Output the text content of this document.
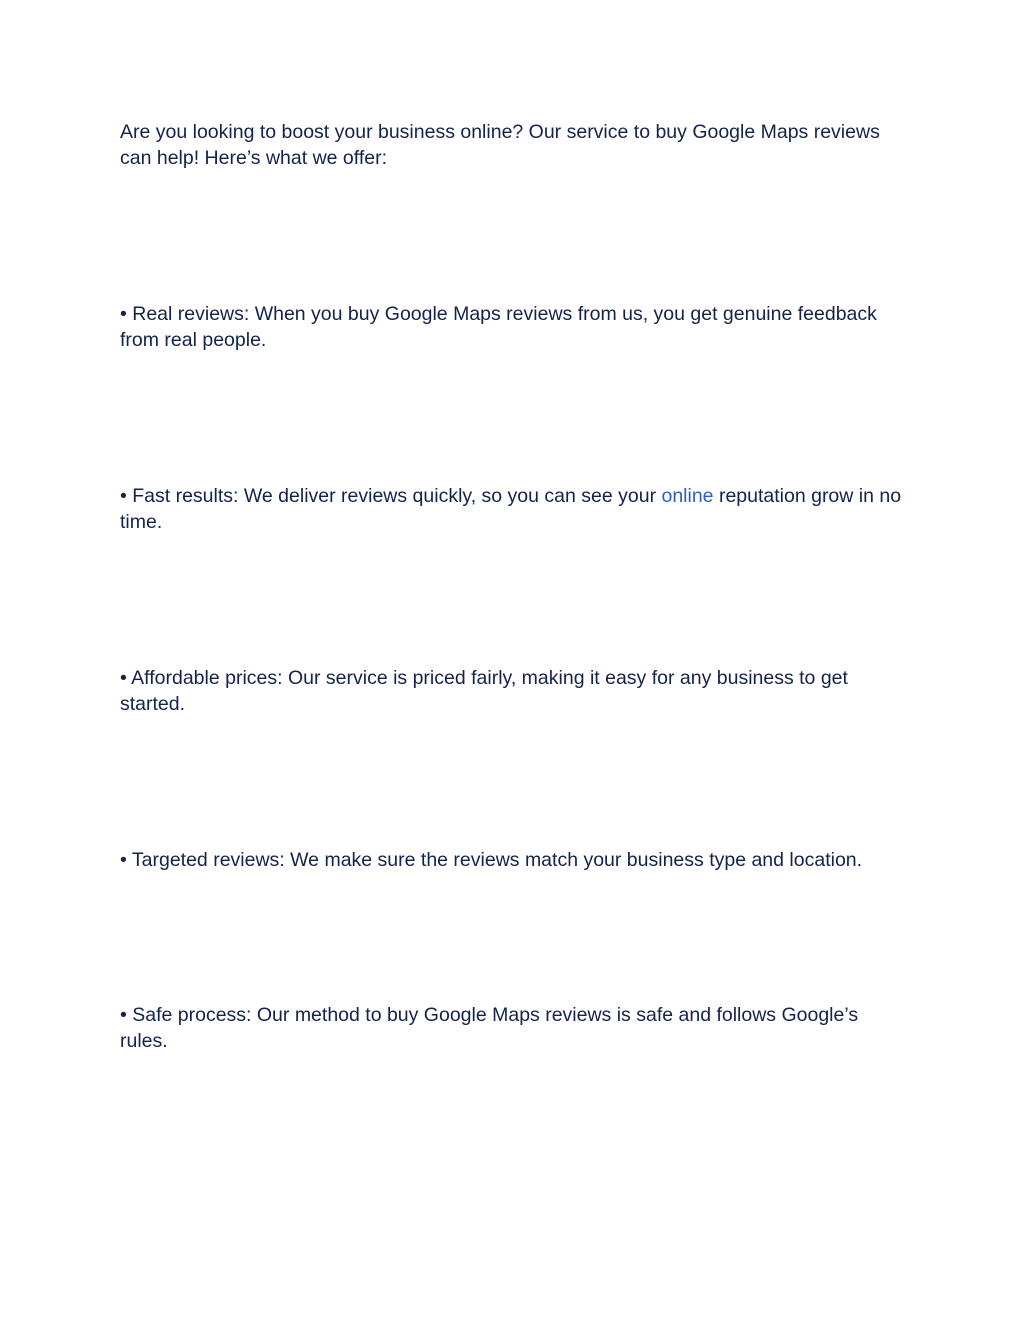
Are you looking to boost your business online? Our service to buy Google Maps reviews can help! Here’s what we offer:

• Real reviews: When you buy Google Maps reviews from us, you get genuine feedback from real people.

• Fast results: We deliver reviews quickly, so you can see your online reputation grow in no time.

• Affordable prices: Our service is priced fairly, making it easy for any business to get started.

• Targeted reviews: We make sure the reviews match your business type and location.

• Safe process: Our method to buy Google Maps reviews is safe and follows Google’s rules.
